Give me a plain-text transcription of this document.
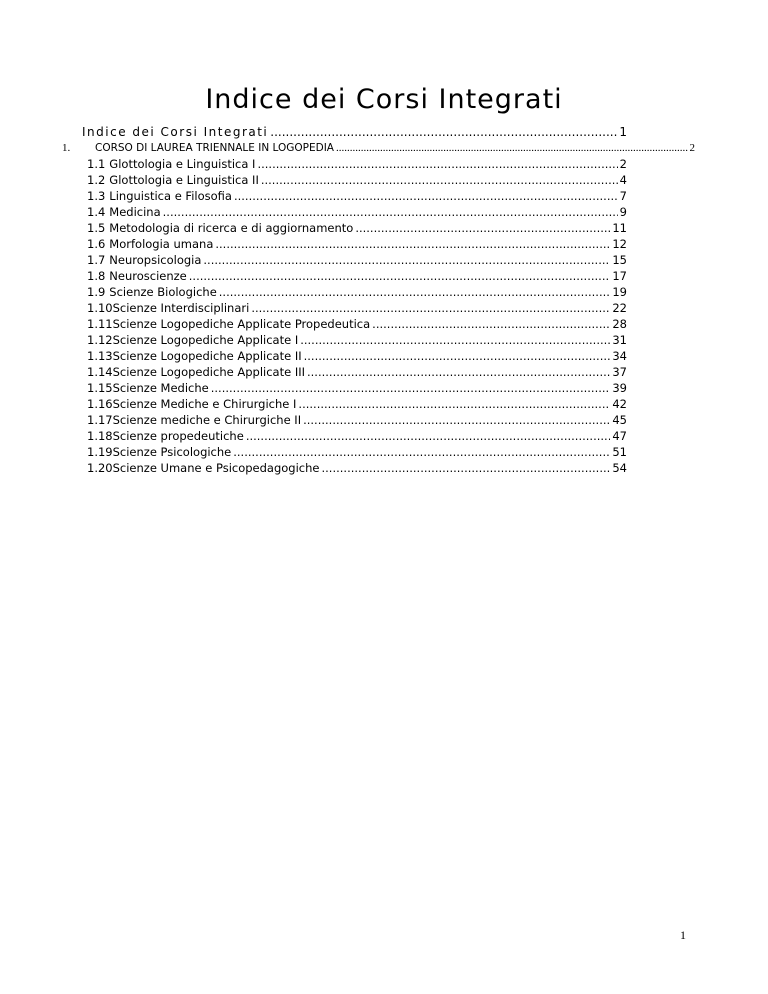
Indice dei Corsi Integrati
Indice dei Corsi Integrati .....	1
1.	CORSO DI LAUREA TRIENNALE IN LOGOPEDIA .....	2
1.1 Glottologia e Linguistica I .....	2
1.2 Glottologia e Linguistica II .....	4
1.3 Linguistica e Filosofia .....	7
1.4 Medicina .....	9
1.5 Metodologia di ricerca e di aggiornamento .....	11
1.6 Morfologia umana .....	12
1.7 Neuropsicologia .....	15
1.8 Neuroscienze .....	17
1.9 Scienze Biologiche .....	19
1.10 Scienze Interdisciplinari .....	22
1.11 Scienze Logopediche Applicate Propedeutica .....	28
1.12 Scienze Logopediche Applicate I .....	31
1.13 Scienze Logopediche Applicate II .....	34
1.14 Scienze Logopediche Applicate III .....	37
1.15 Scienze Mediche .....	39
1.16 Scienze Mediche e Chirurgiche I .....	42
1.17 Scienze mediche e Chirurgiche II .....	45
1.18 Scienze propedeutiche .....	47
1.19 Scienze Psicologiche .....	51
1.20 Scienze Umane e Psicopedagogiche .....	54
1
